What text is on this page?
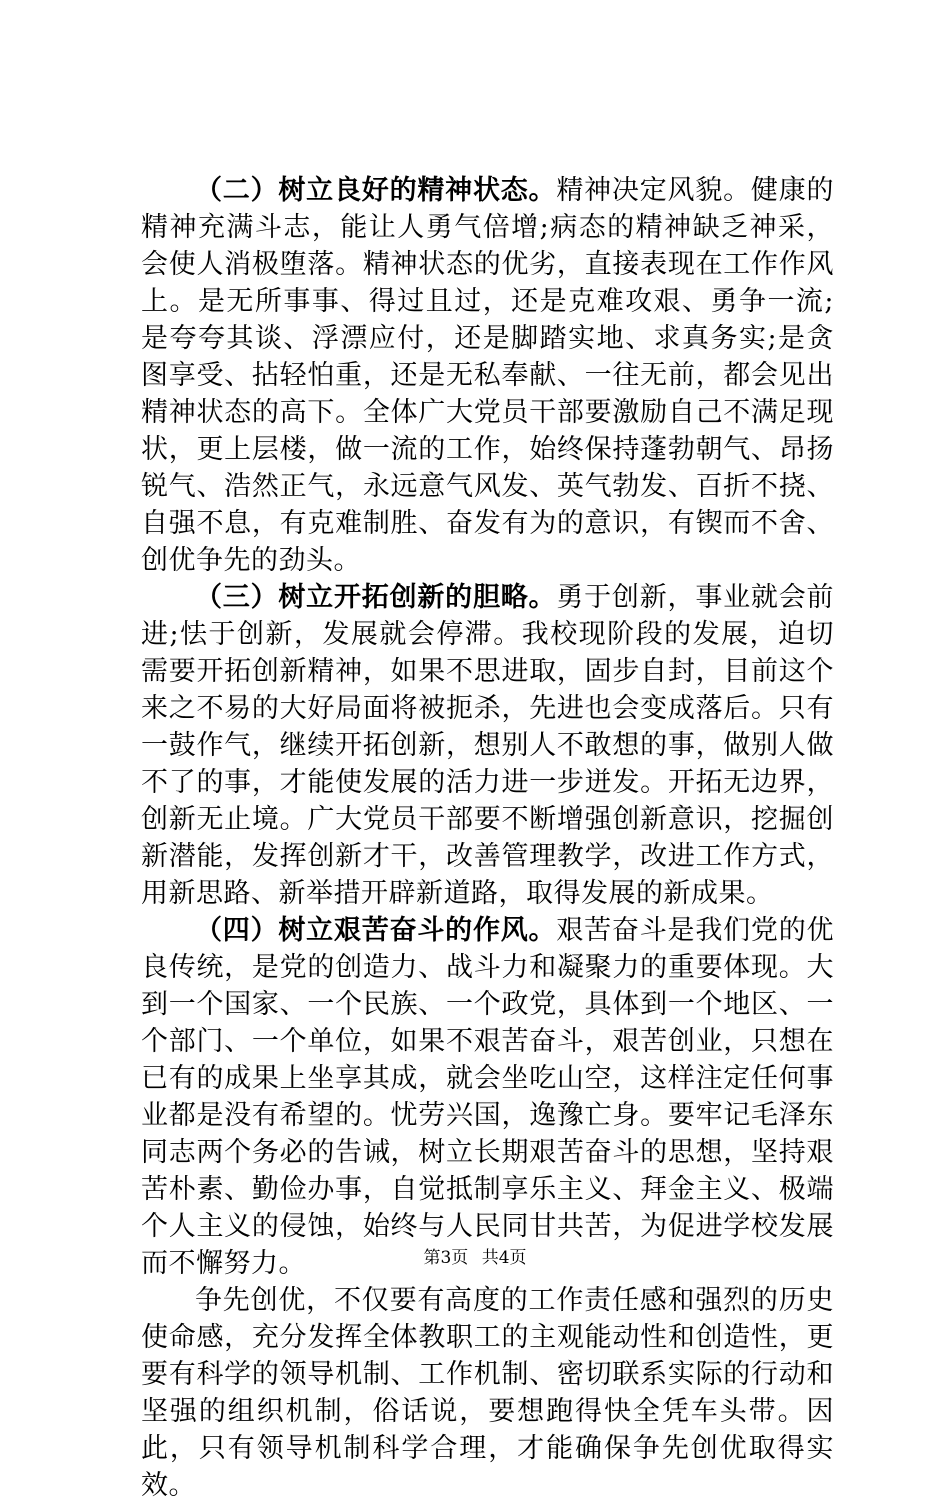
（二）树立良好的精神状态。精神决定风貌。健康的精神充满斗志，能让人勇气倍增;病态的精神缺乏神采，会使人消极堕落。精神状态的优劣，直接表现在工作作风上。是无所事事、得过且过，还是克难攻艰、勇争一流;是夸夸其谈、浮漂应付，还是脚踏实地、求真务实;是贪图享受、拈轻怕重，还是无私奉献、一往无前，都会见出精神状态的高下。全体广大党员干部要激励自己不满足现状，更上层楼，做一流的工作，始终保持蓬勃朝气、昂扬锐气、浩然正气，永远意气风发、英气勃发、百折不挠、自强不息，有克难制胜、奋发有为的意识，有锲而不舍、创优争先的劲头。

（三）树立开拓创新的胆略。勇于创新，事业就会前进;怯于创新，发展就会停滞。我校现阶段的发展，迫切需要开拓创新精神，如果不思进取，固步自封，目前这个来之不易的大好局面将被扼杀，先进也会变成落后。只有一鼓作气，继续开拓创新，想别人不敢想的事，做别人做不了的事，才能使发展的活力进一步迸发。开拓无边界，创新无止境。广大党员干部要不断增强创新意识，挖掘创新潜能，发挥创新才干，改善管理教学，改进工作方式，用新思路、新举措开辟新道路，取得发展的新成果。

（四）树立艰苦奋斗的作风。艰苦奋斗是我们党的优良传统，是党的创造力、战斗力和凝聚力的重要体现。大到一个国家、一个民族、一个政党，具体到一个地区、一个部门、一个单位，如果不艰苦奋斗，艰苦创业，只想在已有的成果上坐享其成，就会坐吃山空，这样注定任何事业都是没有希望的。忧劳兴国，逸豫亡身。要牢记毛泽东同志两个务必的告诫，树立长期艰苦奋斗的思想，坚持艰苦朴素、勤俭办事，自觉抵制享乐主义、拜金主义、极端个人主义的侵蚀，始终与人民同甘共苦，为促进学校发展而不懈努力。

争先创优，不仅要有高度的工作责任感和强烈的历史使命感，充分发挥全体教职工的主观能动性和创造性，更要有科学的领导机制、工作机制、密切联系实际的行动和坚强的组织机制，俗话说，要想跑得快全凭车头带。因此，只有领导机制科学合理，才能确保争先创优取得实效。

第3页 共4页
